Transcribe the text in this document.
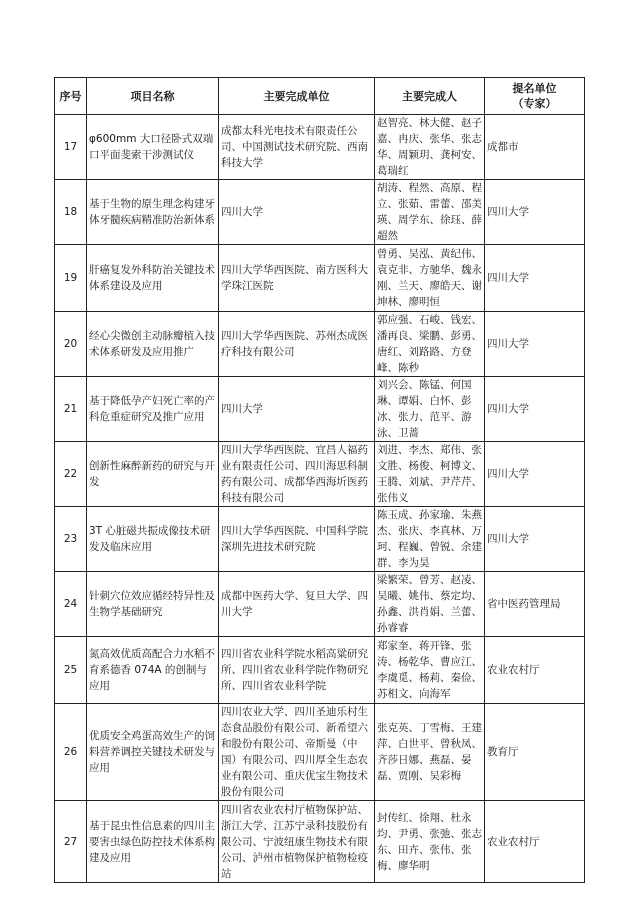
序号	项目名称	主要完成单位	主要完成人	提名单位
（专家）
17	φ600mm 大口径卧式双端口平面斐索干涉测试仪	成都太科光电技术有限责任公司、中国测试技术研究院、西南科技大学	赵智亮、林大健、赵子嘉、冉庆、张华、张志华、周颖玥、龚柯安、葛瑞红	成都市
18	基于生物的原生理念构建牙体牙髓疾病精准防治新体系	四川大学	胡涛、程然、高原、程立、张茹、雷蕾、邵美瑛、周学东、徐珏、薛超然	四川大学
19	肝癌复发外科防治关键技术体系建设及应用	四川大学华西医院、南方医科大学珠江医院	曾勇、吴泓、黄纪伟、袁克非、方驰华、魏永刚、兰天、廖皓天、谢坤林、廖明恒	四川大学
20	经心尖微创主动脉瓣植入技术体系研发及应用推广	四川大学华西医院、苏州杰成医疗科技有限公司	郭应强、石峻、钱宏、潘再良、梁鹏、彭勇、唐红、刘路路、方登峰、陈秒	四川大学
21	基于降低孕产妇死亡率的产科危重症研究及推广应用	四川大学	刘兴会、陈锰、何国琳、谭娟、白怀、彭冰、张力、范平、游泳、卫蔷	四川大学
22	创新性麻醉新药的研究与开发	四川大学华西医院、宜昌人福药业有限责任公司、四川海思科制药有限公司、成都华西海圻医药科技有限公司	刘进、李杰、郑伟、张文胜、杨俊、柯博文、王腾、刘斌、尹芹芹、张伟义	四川大学
23	3T 心脏磁共振成像技术研发及临床应用	四川大学华西医院、中国科学院深圳先进技术研究院	陈玉成、孙家瑜、朱燕杰、张庆、李真林、万珂、程巍、曾锐、余建群、李为昊	四川大学
24	针刺穴位效应循经特异性及生物学基础研究	成都中医药大学、复旦大学、四川大学	梁繁荣、曾芳、赵凌、吴曦、姚伟、蔡定均、孙鑫、洪肖娟、兰蕾、孙睿睿	省中医药管理局
25	氮高效优质高配合力水稻不育系德香 074A 的创制与应用	四川省农业科学院水稻高粱研究所、四川省农业科学院作物研究所、四川省农业科学院	郑家奎、蒋开锋、张涛、杨乾华、曹应江、李虞觅、杨莉、秦俭、苏相文、向海军	农业农村厅
26	优质安全鸡蛋高效生产的饲料营养调控关键技术研发与应用	四川农业大学、四川圣迪乐村生态食品股份有限公司、新希望六和股份有限公司、帝斯曼（中国）有限公司、四川厚全生态农业有限公司、重庆优宝生物技术股份有限公司	张克英、丁雪梅、王建萍、白世平、曾秋凤、齐莎日娜、燕磊、晏磊、贾刚、吴彩梅	教育厅
27	基于昆虫性信息素的四川主要害虫绿色防控技术体系构建及应用	四川省农业农村厅植物保护站、浙江大学、江苏宁录科技股份有限公司、宁波纽康生物技术有限公司、泸州市植物保护植物检疫站	封传红、徐翔、杜永均、尹勇、张弛、张志东、田卉、张伟、张梅、廖华明	农业农村厅
